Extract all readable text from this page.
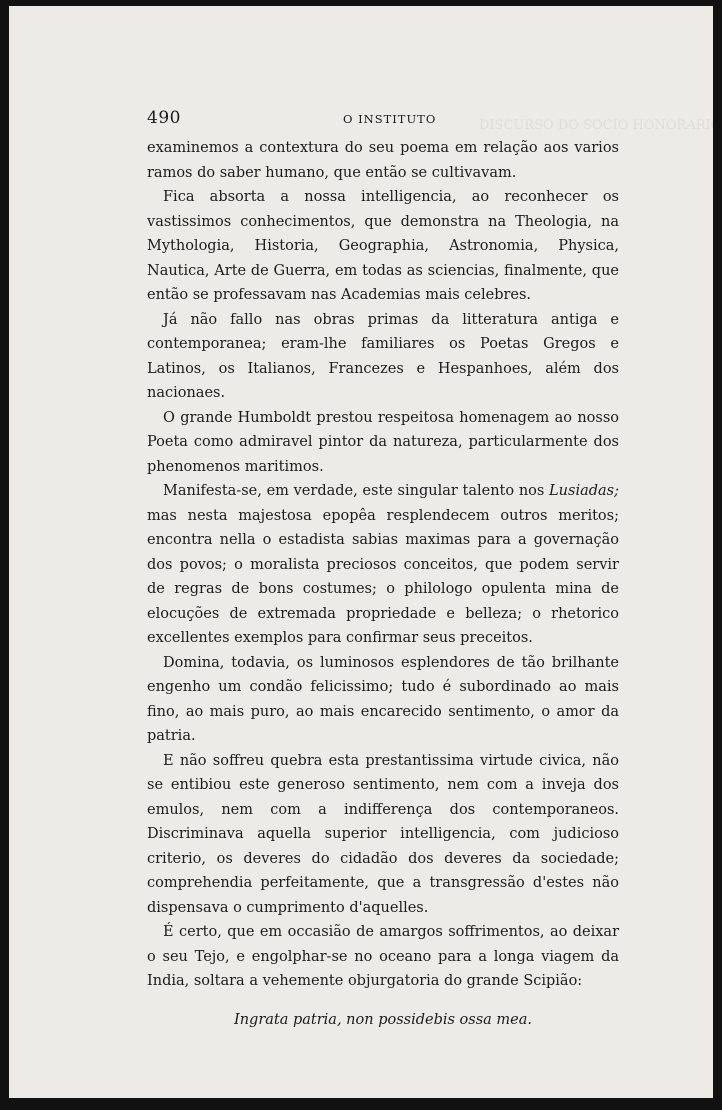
DISCURSO DO SOCIO HONORARIO
490	O INSTITUTO

examinemos a contextura do seu poema em relação aos varios ramos do saber humano, que então se cultivavam.

Fica absorta a nossa intelligencia, ao reconhecer os vastissimos conhecimentos, que demonstra na Theologia, na Mythologia, Historia, Geographia, Astronomia, Physica, Nautica, Arte de Guerra, em todas as sciencias, finalmente, que então se professavam nas Academias mais celebres.

Já não fallo nas obras primas da litteratura antiga e contemporanea; eram-lhe familiares os Poetas Gregos e Latinos, os Italianos, Francezes e Hespanhoes, além dos nacionaes.

O grande Humboldt prestou respeitosa homenagem ao nosso Poeta como admiravel pintor da natureza, particularmente dos phenomenos maritimos.

Manifesta-se, em verdade, este singular talento nos Lusiadas; mas nesta majestosa epopêa resplendecem outros meritos; encontra nella o estadista sabias maximas para a governação dos povos; o moralista preciosos conceitos, que podem servir de regras de bons costumes; o philologo opulenta mina de elocuções de extremada propriedade e belleza; o rhetorico excellentes exemplos para confirmar seus preceitos.

Domina, todavia, os luminosos esplendores de tão brilhante engenho um condão felicissimo; tudo é subordinado ao mais fino, ao mais puro, ao mais encarecido sentimento, o amor da patria.

E não soffreu quebra esta prestantissima virtude civica, não se entibiou este generoso sentimento, nem com a inveja dos emulos, nem com a indifferença dos contemporaneos. Discriminava aquella superior intelligencia, com judicioso criterio, os deveres do cidadão dos deveres da sociedade; comprehendia perfeitamente, que a transgressão d'estes não dispensava o cumprimento d'aquelles.

É certo, que em occasião de amargos soffrimentos, ao deixar o seu Tejo, e engolphar-se no oceano para a longa viagem da India, soltara a vehemente objurgatoria do grande Scipião:

Ingrata patria, non possidebis ossa mea.
